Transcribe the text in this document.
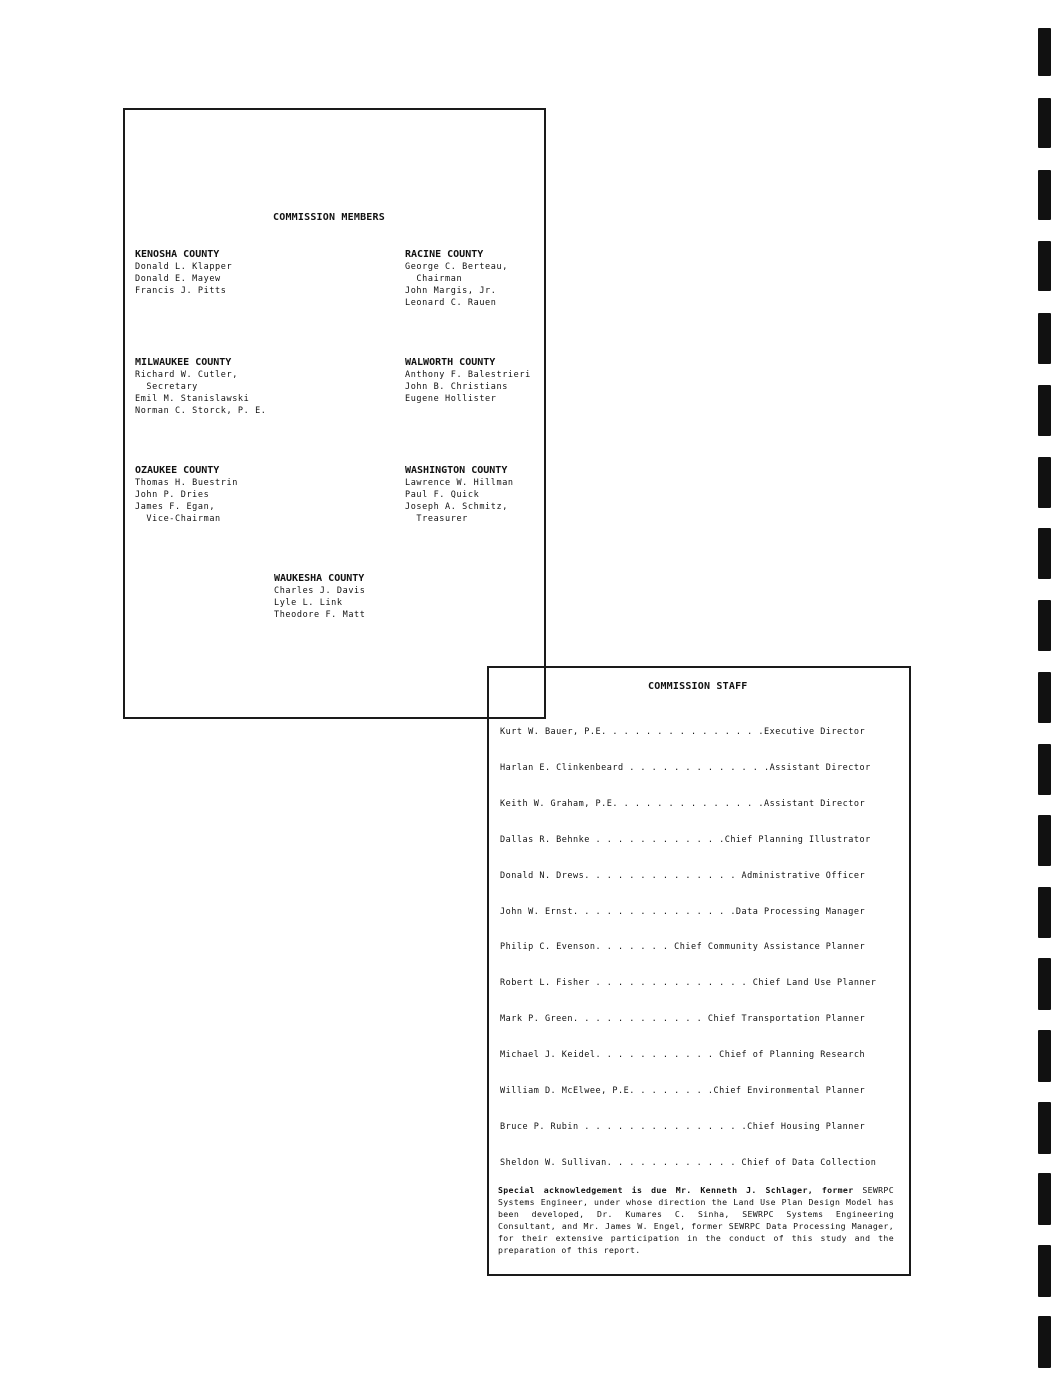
COMMISSION MEMBERS
KENOSHA COUNTY
Donald L. Klapper
Donald E. Mayew
Francis J. Pitts
RACINE COUNTY
George C. Berteau,
Chairman
John Margis, Jr.
Leonard C. Rauen
MILWAUKEE COUNTY
Richard W. Cutler,
Secretary
Emil M. Stanislawski
Norman C. Storck, P. E.
WALWORTH COUNTY
Anthony F. Balestrieri
John B. Christians
Eugene Hollister
OZAUKEE COUNTY
Thomas H. Buestrin
John P. Dries
James F. Egan,
Vice-Chairman
WASHINGTON COUNTY
Lawrence W. Hillman
Paul F. Quick
Joseph A. Schmitz,
Treasurer
WAUKESHA COUNTY
Charles J. Davis
Lyle L. Link
Theodore F. Matt
COMMISSION STAFF
Kurt W. Bauer, P.E. . . . . . . . . . . . . . .Executive Director
Harlan E. Clinkenbeard . . . . . . . . . . . . .Assistant Director
Keith W. Graham, P.E. . . . . . . . . . . . . .Assistant Director
Dallas R. Behnke . . . . . . . . . . . .Chief Planning Illustrator
Donald N. Drews. . . . . . . . . . . . . . Administrative Officer
John W. Ernst. . . . . . . . . . . . . . .Data Processing Manager
Philip C. Evenson. . . . . . . Chief Community Assistance Planner
Robert L. Fisher . . . . . . . . . . . . . . Chief Land Use Planner
Mark P. Green. . . . . . . . . . . . Chief Transportation Planner
Michael J. Keidel. . . . . . . . . . . Chief of Planning Research
William D. McElwee, P.E. . . . . . . .Chief Environmental Planner
Bruce P. Rubin . . . . . . . . . . . . . . .Chief Housing Planner
Sheldon W. Sullivan. . . . . . . . . . . . Chief of Data Collection
Special acknowledgement is due Mr. Kenneth J. Schlager, former SEWRPC Systems Engineer, under whose direction the Land Use Plan Design Model has been developed, Dr. Kumares C. Sinha, SEWRPC Systems Engineering Consultant, and Mr. James W. Engel, former SEWRPC Data Processing Manager, for their extensive participation in the conduct of this study and the preparation of this report.
